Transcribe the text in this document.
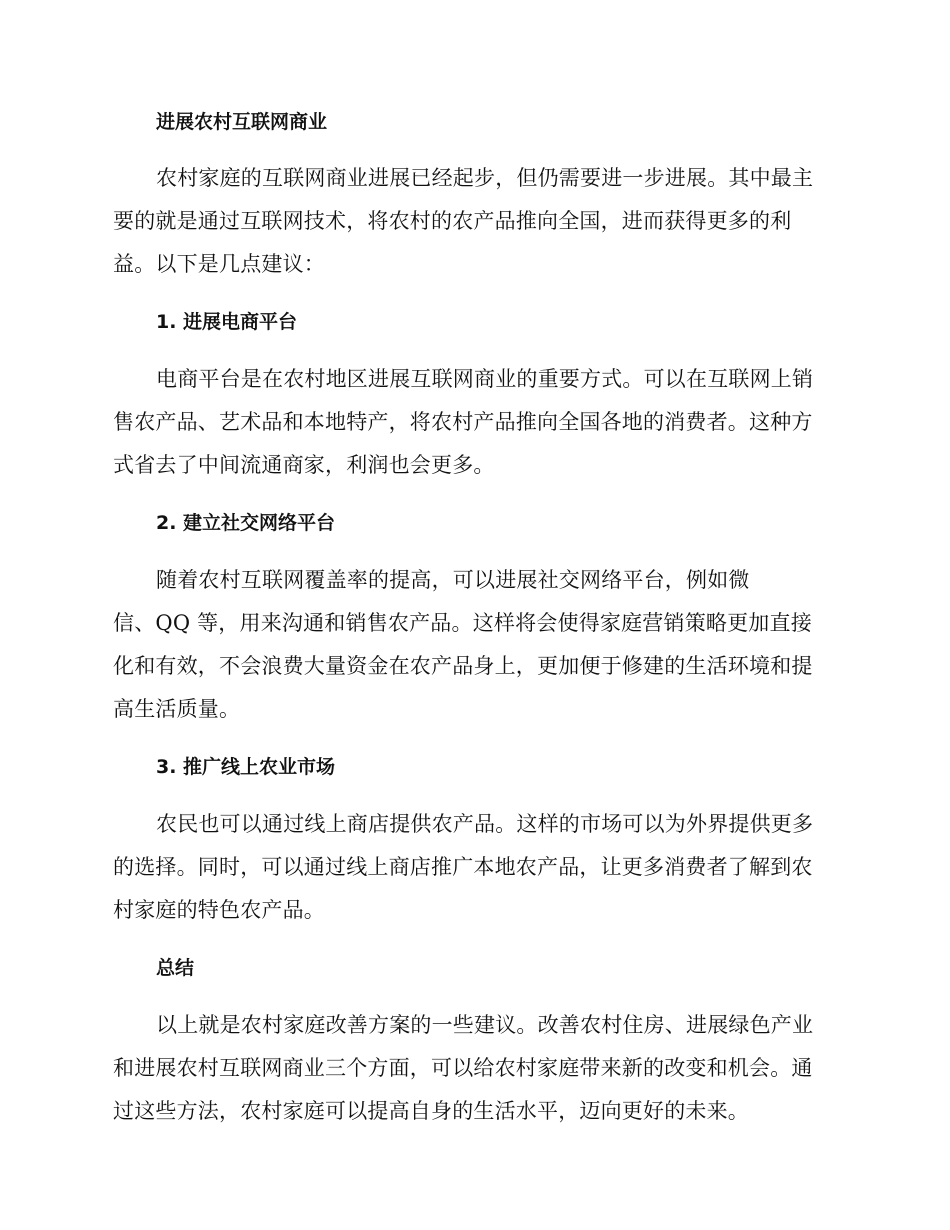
进展农村互联网商业

农村家庭的互联网商业进展已经起步，但仍需要进一步进展。其中最主
要的就是通过互联网技术，将农村的农产品推向全国，进而获得更多的利
益。以下是几点建议：

1. 进展电商平台

电商平台是在农村地区进展互联网商业的重要方式。可以在互联网上销
售农产品、艺术品和本地特产，将农村产品推向全国各地的消费者。这种方
式省去了中间流通商家，利润也会更多。

2. 建立社交网络平台

随着农村互联网覆盖率的提高，可以进展社交网络平台，例如微
信、QQ 等，用来沟通和销售农产品。这样将会使得家庭营销策略更加直接
化和有效，不会浪费大量资金在农产品身上，更加便于修建的生活环境和提
高生活质量。

3. 推广线上农业市场

农民也可以通过线上商店提供农产品。这样的市场可以为外界提供更多
的选择。同时，可以通过线上商店推广本地农产品，让更多消费者了解到农
村家庭的特色农产品。

总结

以上就是农村家庭改善方案的一些建议。改善农村住房、进展绿色产业
和进展农村互联网商业三个方面，可以给农村家庭带来新的改变和机会。通
过这些方法，农村家庭可以提高自身的生活水平，迈向更好的未来。
